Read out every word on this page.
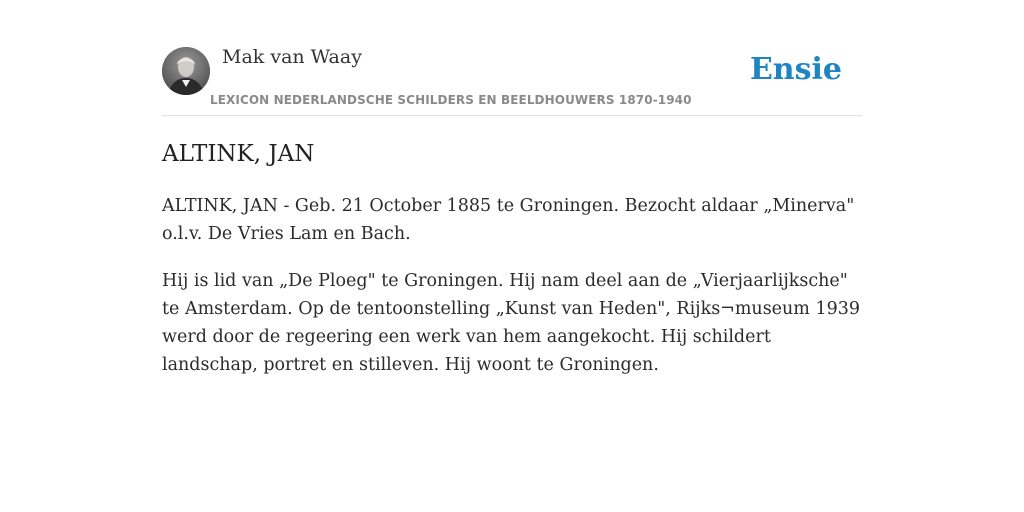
Mak van Waay	Ensie
LEXICON NEDERLANDSCHE SCHILDERS EN BEELDHOUWERS 1870-1940
ALTINK, JAN

ALTINK, JAN - Geb. 21 October 1885 te Groningen. Bezocht aldaar „Minerva" o.l.v. De Vries Lam en Bach.

Hij is lid van „De Ploeg" te Groningen. Hij nam deel aan de „Vierjaarlijksche" te Amsterdam. Op de tentoonstelling „Kunst van Heden", Rijks¬museum 1939 werd door de regeering een werk van hem aangekocht. Hij schildert landschap, portret en stilleven. Hij woont te Groningen.
